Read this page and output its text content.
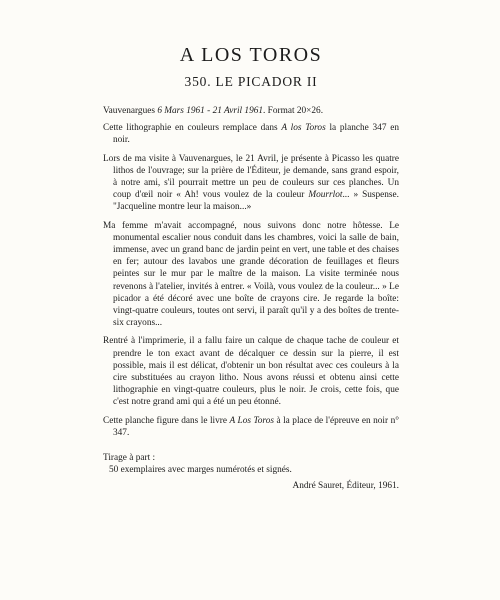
A LOS TOROS
350. LE PICADOR II

Vauvenargues 6 Mars 1961 - 21 Avril 1961. Format 20×26.

Cette lithographie en couleurs remplace dans A los Toros la planche 347 en noir.

Lors de ma visite à Vauvenargues, le 21 Avril, je présente à Picasso les quatre lithos de l'ouvrage; sur la prière de l'Éditeur, je demande, sans grand espoir, à notre ami, s'il pourrait mettre un peu de couleurs sur ces planches. Un coup d'œil noir « Ah! vous voulez de la couleur Mourrlot... » Suspense. "Jacqueline montre leur la maison...»

Ma femme m'avait accompagné, nous suivons donc notre hôtesse. Le monumental escalier nous conduit dans les chambres, voici la salle de bain, immense, avec un grand banc de jardin peint en vert, une table et des chaises en fer; autour des lavabos une grande décoration de feuillages et fleurs peintes sur le mur par le maître de la maison. La visite terminée nous revenons à l'atelier, invités à entrer. « Voilà, vous voulez de la couleur... » Le picador a été décoré avec une boîte de crayons cire. Je regarde la boîte: vingt-quatre couleurs, toutes ont servi, il paraît qu'il y a des boîtes de trente-six crayons...

Rentré à l'imprimerie, il a fallu faire un calque de chaque tache de couleur et prendre le ton exact avant de décalquer ce dessin sur la pierre, il est possible, mais il est délicat, d'obtenir un bon résultat avec ces couleurs à la cire substituées au crayon litho. Nous avons réussi et obtenu ainsi cette lithographie en vingt-quatre couleurs, plus le noir. Je crois, cette fois, que c'est notre grand ami qui a été un peu étonné.

Cette planche figure dans le livre A Los Toros à la place de l'épreuve en noir n° 347.

Tirage à part :

50 exemplaires avec marges numérotés et signés.

André Sauret, Éditeur, 1961.
